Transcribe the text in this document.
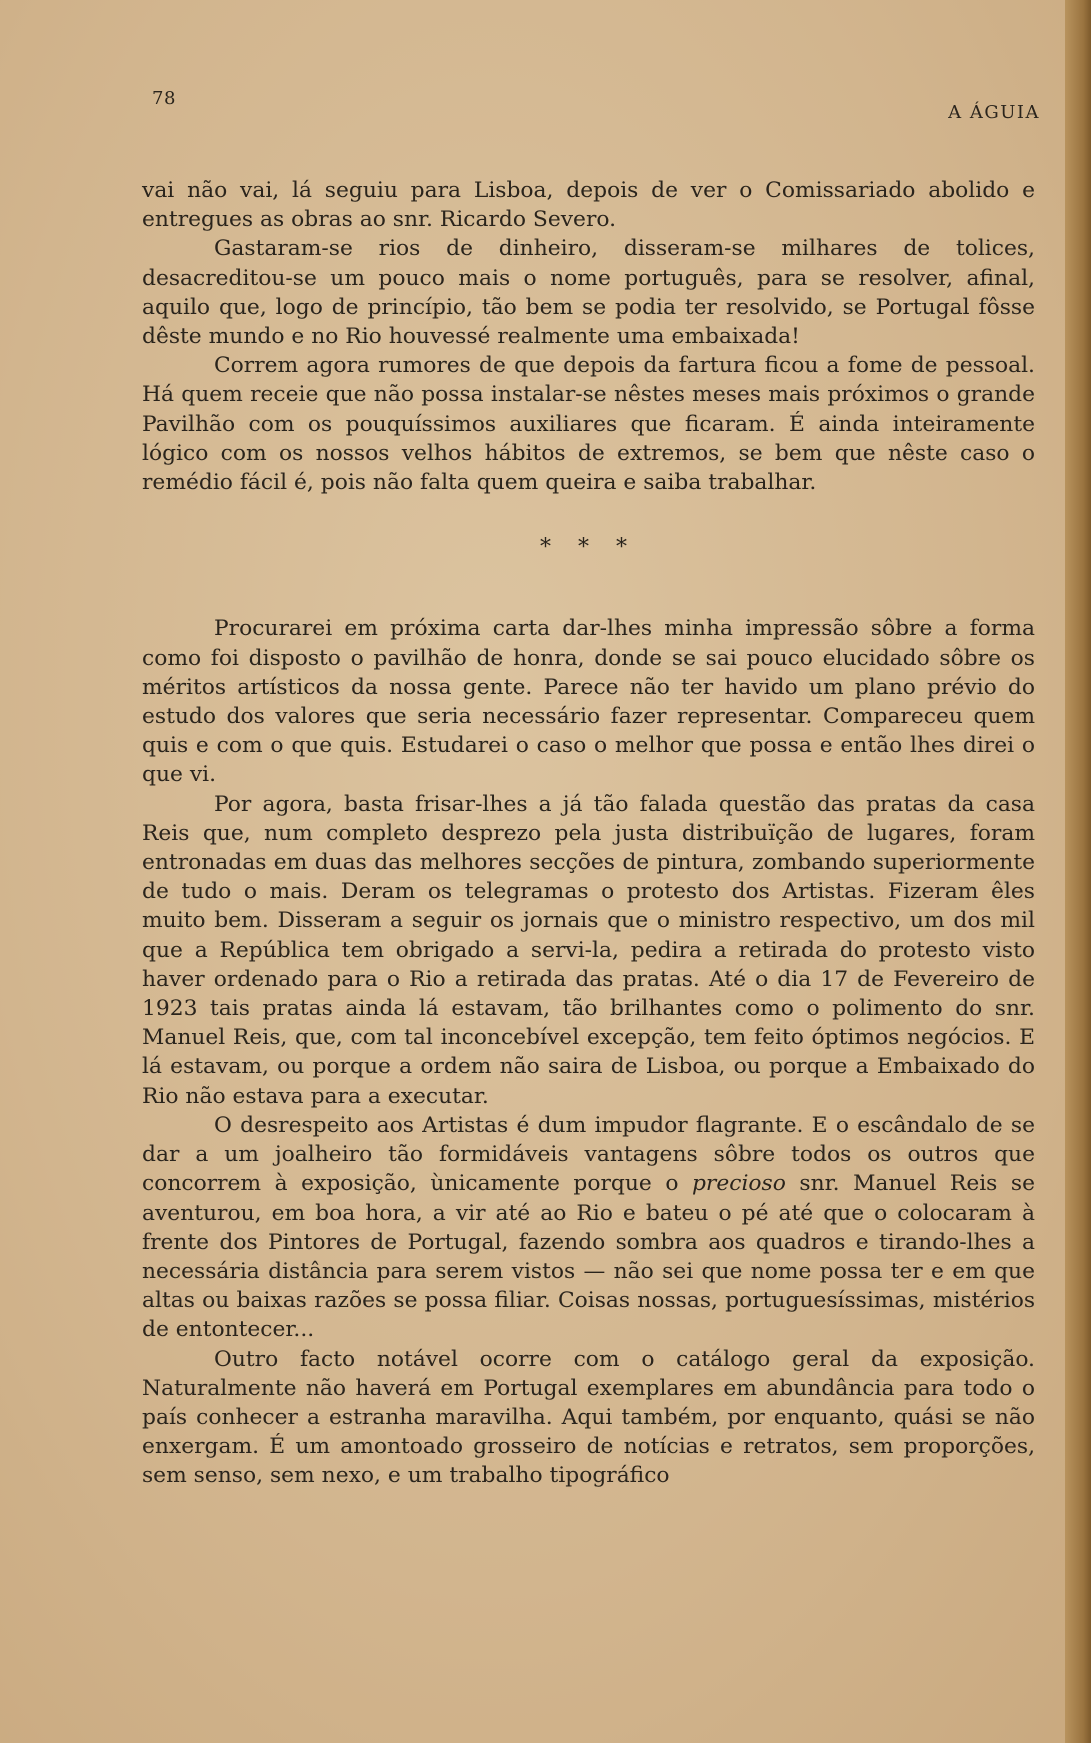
78
A ÁGUIA

vai não vai, lá seguiu para Lisboa, depois de ver o Comissariado abolido e entregues as obras ao snr. Ricardo Severo.

Gastaram-se rios de dinheiro, disseram-se milhares de tolices, desacreditou-se um pouco mais o nome português, para se resolver, afinal, aquilo que, logo de princípio, tão bem se podia ter resolvido, se Portugal fôsse dêste mundo e no Rio houvessé realmente uma embaixada!

Correm agora rumores de que depois da fartura ficou a fome de pessoal. Há quem receie que não possa instalar-se nêstes meses mais próximos o grande Pavilhão com os pouquíssimos auxiliares que ficaram. É ainda inteiramente lógico com os nossos velhos hábitos de extremos, se bem que nêste caso o remédio fácil é, pois não falta quem queira e saiba trabalhar.

* * *

Procurarei em próxima carta dar-lhes minha impressão sôbre a forma como foi disposto o pavilhão de honra, donde se sai pouco elucidado sôbre os méritos artísticos da nossa gente. Parece não ter havido um plano prévio do estudo dos valores que seria necessário fazer representar. Compareceu quem quis e com o que quis. Estudarei o caso o melhor que possa e então lhes direi o que vi.

Por agora, basta frisar-lhes a já tão falada questão das pratas da casa Reis que, num completo desprezo pela justa distribuïção de lugares, foram entronadas em duas das melhores secções de pintura, zombando superiormente de tudo o mais. Deram os telegramas o protesto dos Artistas. Fizeram êles muito bem. Disseram a seguir os jornais que o ministro respectivo, um dos mil que a República tem obrigado a servi-la, pedira a retirada do protesto visto haver ordenado para o Rio a retirada das pratas. Até o dia 17 de Fevereiro de 1923 tais pratas ainda lá estavam, tão brilhantes como o polimento do snr. Manuel Reis, que, com tal inconcebível excepção, tem feito óptimos negócios. E lá estavam, ou porque a ordem não saira de Lisboa, ou porque a Embaixado do Rio não estava para a executar.

O desrespeito aos Artistas é dum impudor flagrante. E o escândalo de se dar a um joalheiro tão formidáveis vantagens sôbre todos os outros que concorrem à exposição, ùnicamente porque o precioso snr. Manuel Reis se aventurou, em boa hora, a vir até ao Rio e bateu o pé até que o colocaram à frente dos Pintores de Portugal, fazendo sombra aos quadros e tirando-lhes a necessária distância para serem vistos — não sei que nome possa ter e em que altas ou baixas razões se possa filiar. Coisas nossas, portuguesíssimas, mistérios de entontecer...

Outro facto notável ocorre com o catálogo geral da exposição. Naturalmente não haverá em Portugal exemplares em abundância para todo o país conhecer a estranha maravilha. Aqui também, por enquanto, quási se não enxergam. É um amontoado grosseiro de notícias e retratos, sem proporções, sem senso, sem nexo, e um trabalho tipográfico
